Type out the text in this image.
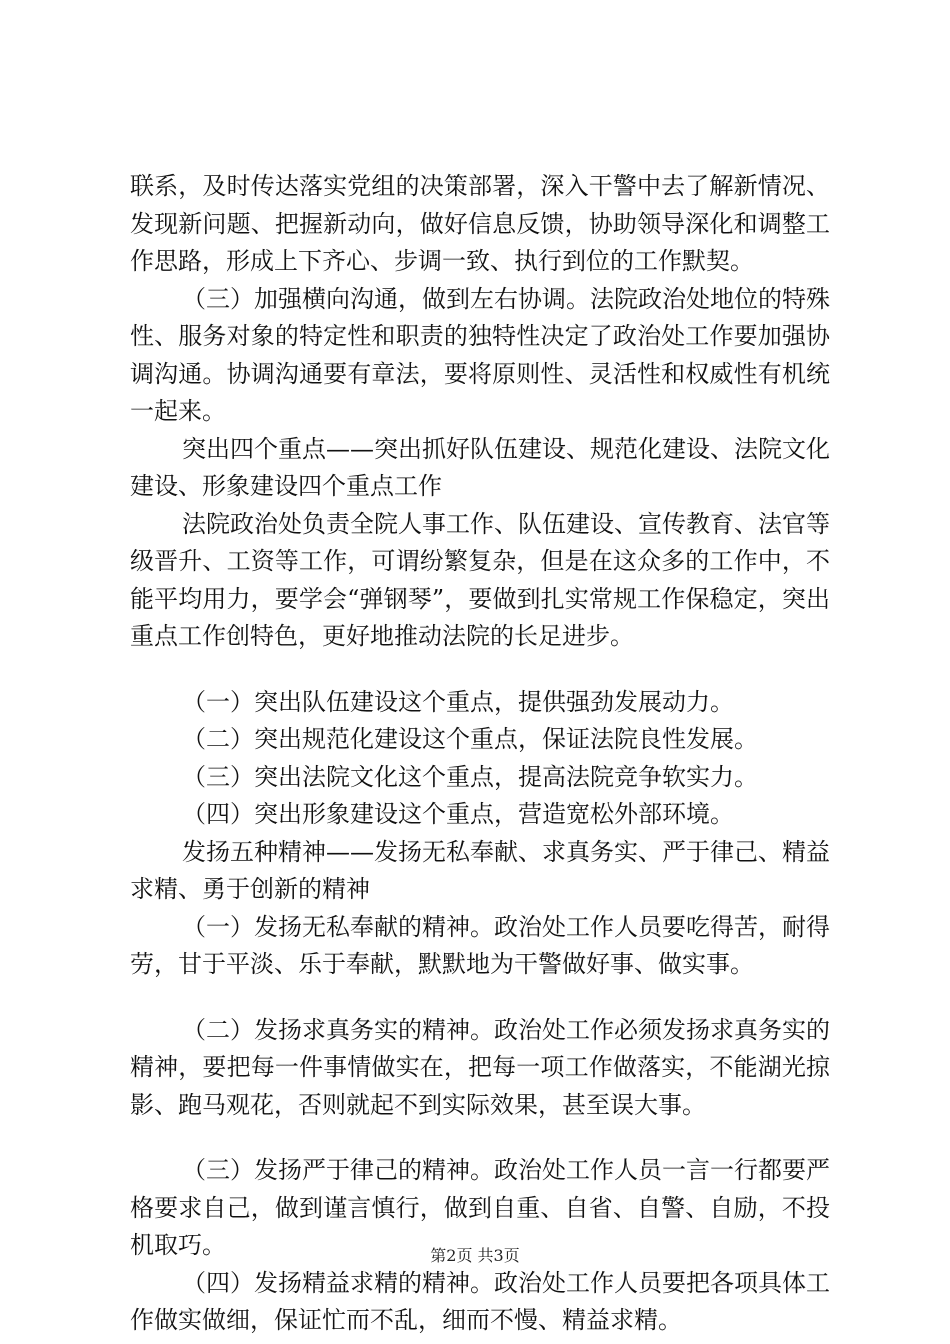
联系，及时传达落实党组的决策部署，深入干警中去了解新情况、发现新问题、把握新动向，做好信息反馈，协助领导深化和调整工作思路，形成上下齐心、步调一致、执行到位的工作默契。

（三）加强横向沟通，做到左右协调。法院政治处地位的特殊性、服务对象的特定性和职责的独特性决定了政治处工作要加强协调沟通。协调沟通要有章法，要将原则性、灵活性和权威性有机统一起来。

突出四个重点——突出抓好队伍建设、规范化建设、法院文化建设、形象建设四个重点工作

法院政治处负责全院人事工作、队伍建设、宣传教育、法官等级晋升、工资等工作，可谓纷繁复杂，但是在这众多的工作中，不能平均用力，要学会“弹钢琴”，要做到扎实常规工作保稳定，突出重点工作创特色，更好地推动法院的长足进步。

（一）突出队伍建设这个重点，提供强劲发展动力。

（二）突出规范化建设这个重点，保证法院良性发展。

（三）突出法院文化这个重点，提高法院竞争软实力。

（四）突出形象建设这个重点，营造宽松外部环境。

发扬五种精神——发扬无私奉献、求真务实、严于律己、精益求精、勇于创新的精神

（一）发扬无私奉献的精神。政治处工作人员要吃得苦，耐得劳，甘于平淡、乐于奉献，默默地为干警做好事、做实事。

（二）发扬求真务实的精神。政治处工作必须发扬求真务实的精神，要把每一件事情做实在，把每一项工作做落实，不能湖光掠影、跑马观花，否则就起不到实际效果，甚至误大事。

（三）发扬严于律己的精神。政治处工作人员一言一行都要严格要求自己，做到谨言慎行，做到自重、自省、自警、自励，不投机取巧。

（四）发扬精益求精的精神。政治处工作人员要把各项具体工作做实做细，保证忙而不乱，细而不慢、精益求精。

第2页 共3页
